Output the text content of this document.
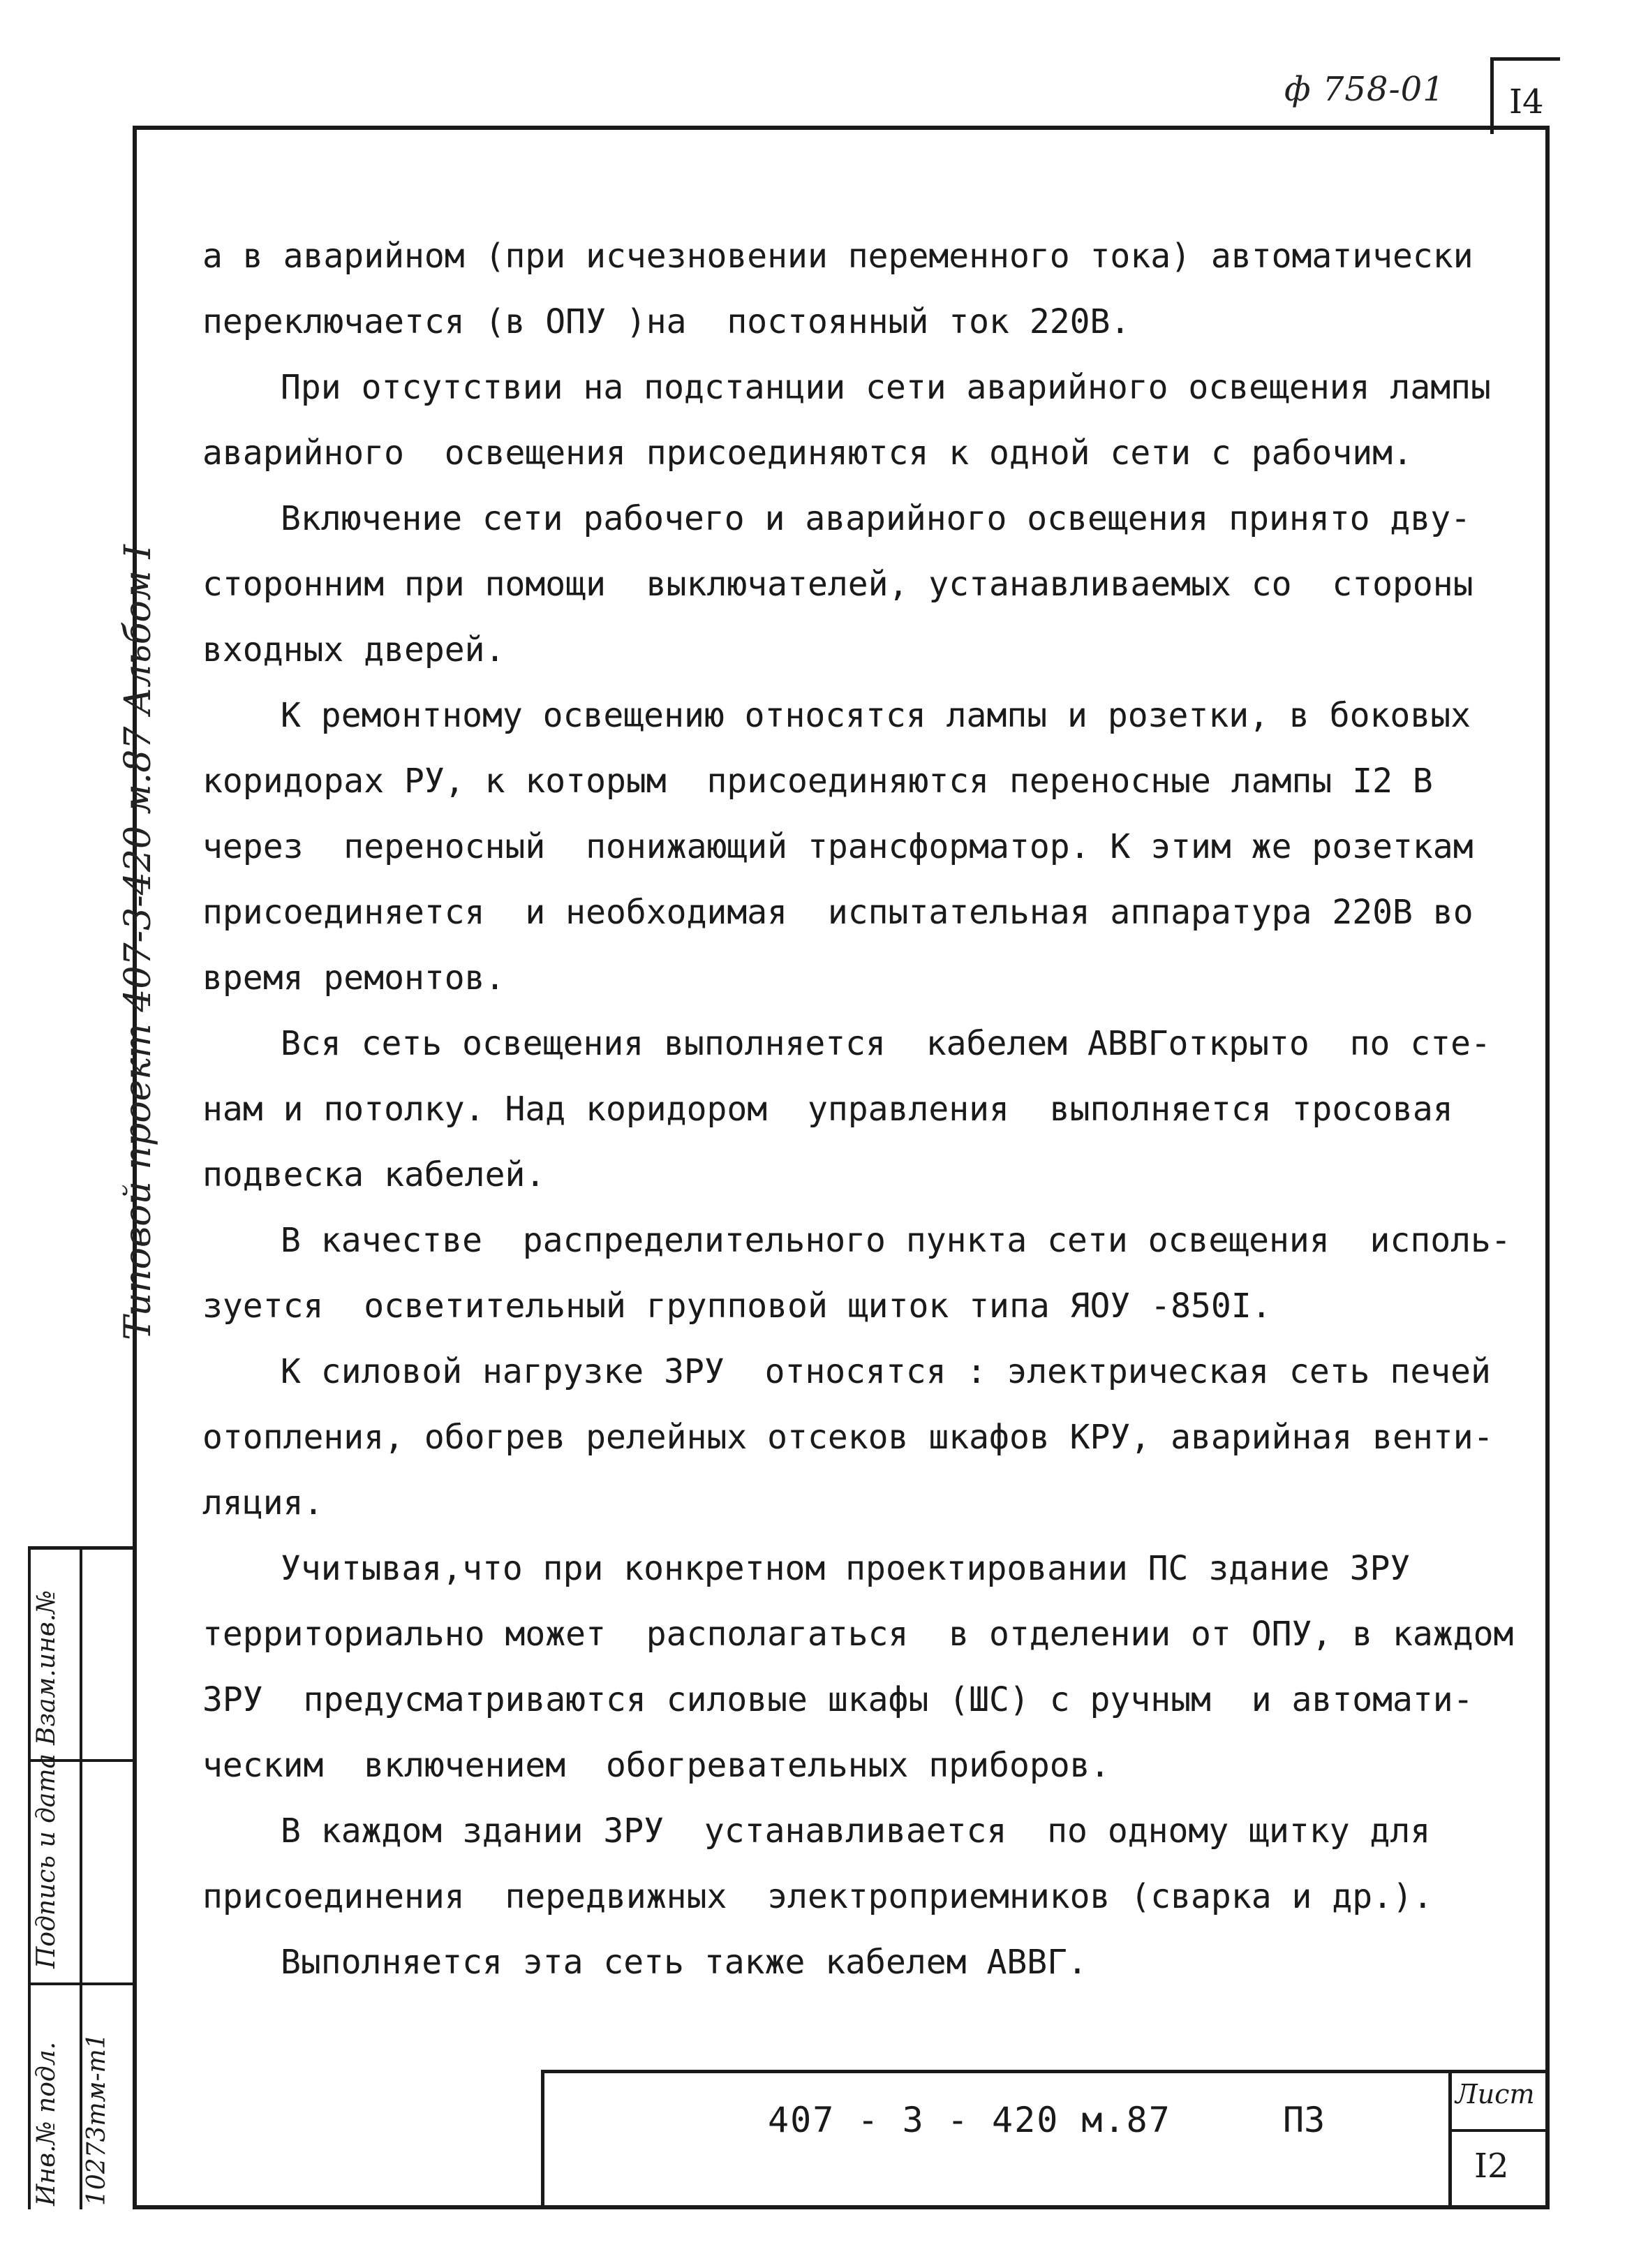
ф 758-01 I4
Типовой проект 407-3-420 м.87 Альбом I
а в аварийном (при исчезновении переменного тока) автоматически
переключается (в ОПУ )на  постоянный ток 220В.
При отсутствии на подстанции сети аварийного освещения лампы
аварийного  освещения присоединяются к одной сети с рабочим.
Включение сети рабочего и аварийного освещения принято дву-
сторонним при помощи  выключателей, устанавливаемых со  стороны
входных дверей.
К ремонтному освещению относятся лампы и розетки, в боковых
коридорах РУ, к которым  присоединяются переносные лампы I2 В
через  переносный  понижающий трансформатор. К этим же розеткам
присоединяется  и необходимая  испытательная аппаратура 220В во
время ремонтов.
Вся сеть освещения выполняется  кабелем АВВГоткрыто  по сте-
нам и потолку. Над коридором  управления  выполняется тросовая
подвеска кабелей.
В качестве  распределительного пункта сети освещения  исполь-
зуется  осветительный групповой щиток типа ЯОУ -850I.
К силовой нагрузке ЗРУ  относятся : электрическая сеть печей
отопления, обогрев релейных отсеков шкафов КРУ, аварийная венти-
ляция.
Учитывая,что при конкретном проектировании ПС здание ЗРУ
территориально может  располагаться  в отделении от ОПУ, в каждом
ЗРУ  предусматриваются силовые шкафы (ШС) с ручным  и автомати-
ческим  включением  обогревательных приборов.
В каждом здании ЗРУ  устанавливается  по одному щитку для
присоединения  передвижных  электроприемников (сварка и др.).
Выполняется эта сеть также кабелем АВВГ.
Инв.№ подл. 10273тм-т1
Подпись и дата
Взам.инв.№
407 - 3 - 420 м.87	ПЗ
Лист
I2
